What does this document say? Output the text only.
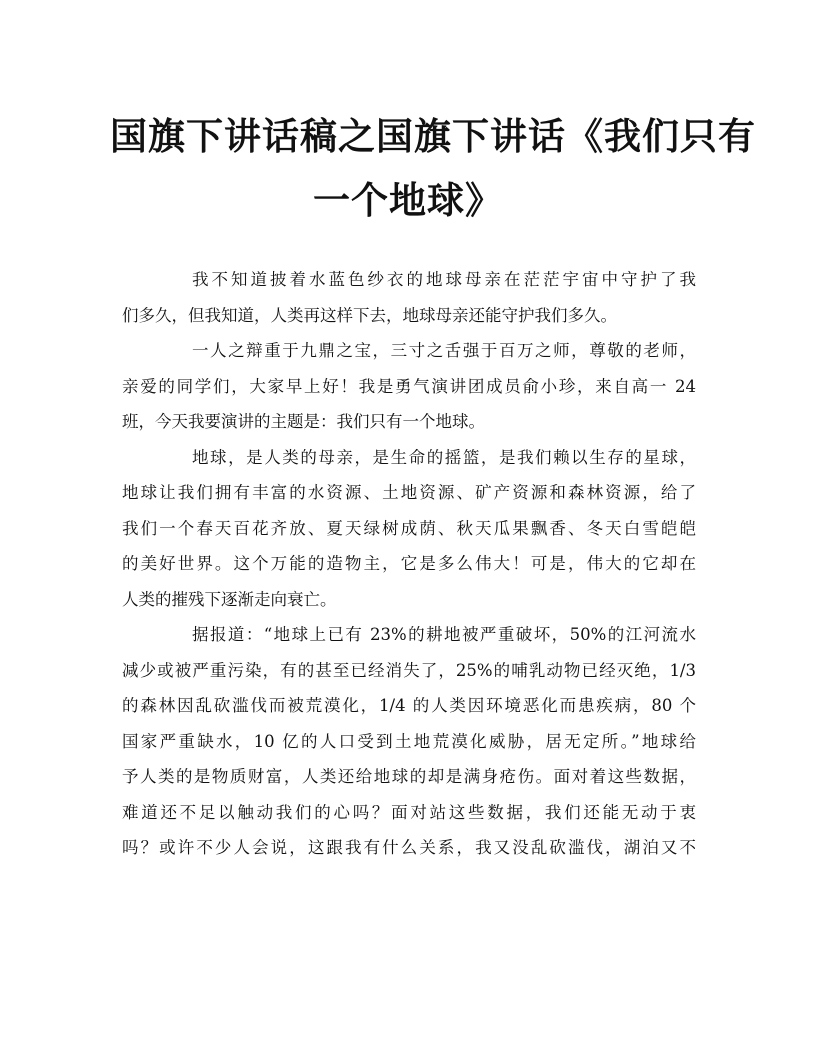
国旗下讲话稿之国旗下讲话《我们只有
一个地球》

我不知道披着水蓝色纱衣的地球母亲在茫茫宇宙中守护了我
们多久，但我知道，人类再这样下去，地球母亲还能守护我们多久。

一人之辩重于九鼎之宝，三寸之舌强于百万之师，尊敬的老师，
亲爱的同学们，大家早上好！我是勇气演讲团成员俞小珍，来自高一 24
班，今天我要演讲的主题是：我们只有一个地球。

地球，是人类的母亲，是生命的摇篮，是我们赖以生存的星球，
地球让我们拥有丰富的水资源、土地资源、矿产资源和森林资源，给了
我们一个春天百花齐放、夏天绿树成荫、秋天瓜果飘香、冬天白雪皑皑
的美好世界。这个万能的造物主，它是多么伟大！可是，伟大的它却在
人类的摧残下逐渐走向衰亡。

据报道：“地球上已有 23%的耕地被严重破坏，50%的江河流水
减少或被严重污染，有的甚至已经消失了，25%的哺乳动物已经灭绝，1/3
的森林因乱砍滥伐而被荒漠化，1/4 的人类因环境恶化而患疾病，80 个
国家严重缺水，10 亿的人口受到土地荒漠化威胁，居无定所。”地球给
予人类的是物质财富，人类还给地球的却是满身疮伤。面对着这些数据，
难道还不足以触动我们的心吗？面对站这些数据，我们还能无动于衷
吗？或许不少人会说，这跟我有什么关系，我又没乱砍滥伐，湖泊又不
